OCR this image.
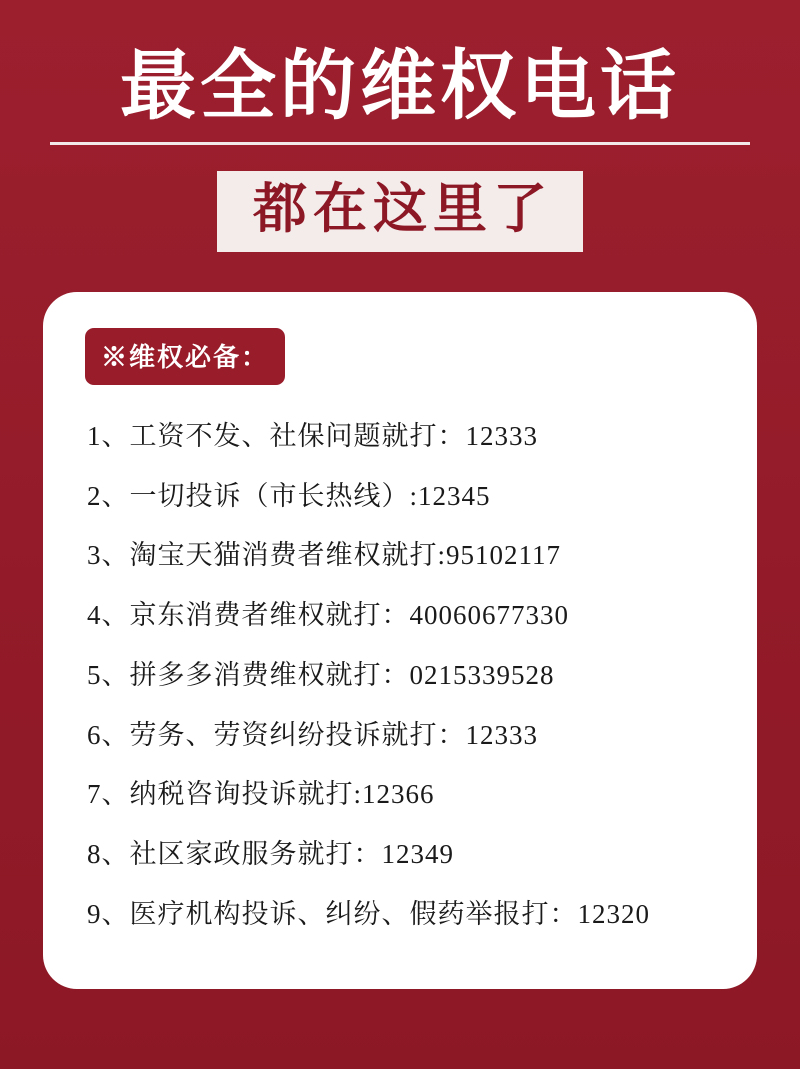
最全的维权电话
都在这里了
※维权必备：
1、工资不发、社保问题就打：12333
2、一切投诉（市长热线）:12345
3、淘宝天猫消费者维权就打:95102117
4、京东消费者维权就打：40060677330
5、拼多多消费维权就打：0215339528
6、劳务、劳资纠纷投诉就打：12333
7、纳税咨询投诉就打:12366
8、社区家政服务就打：12349
9、医疗机构投诉、纠纷、假药举报打：12320
